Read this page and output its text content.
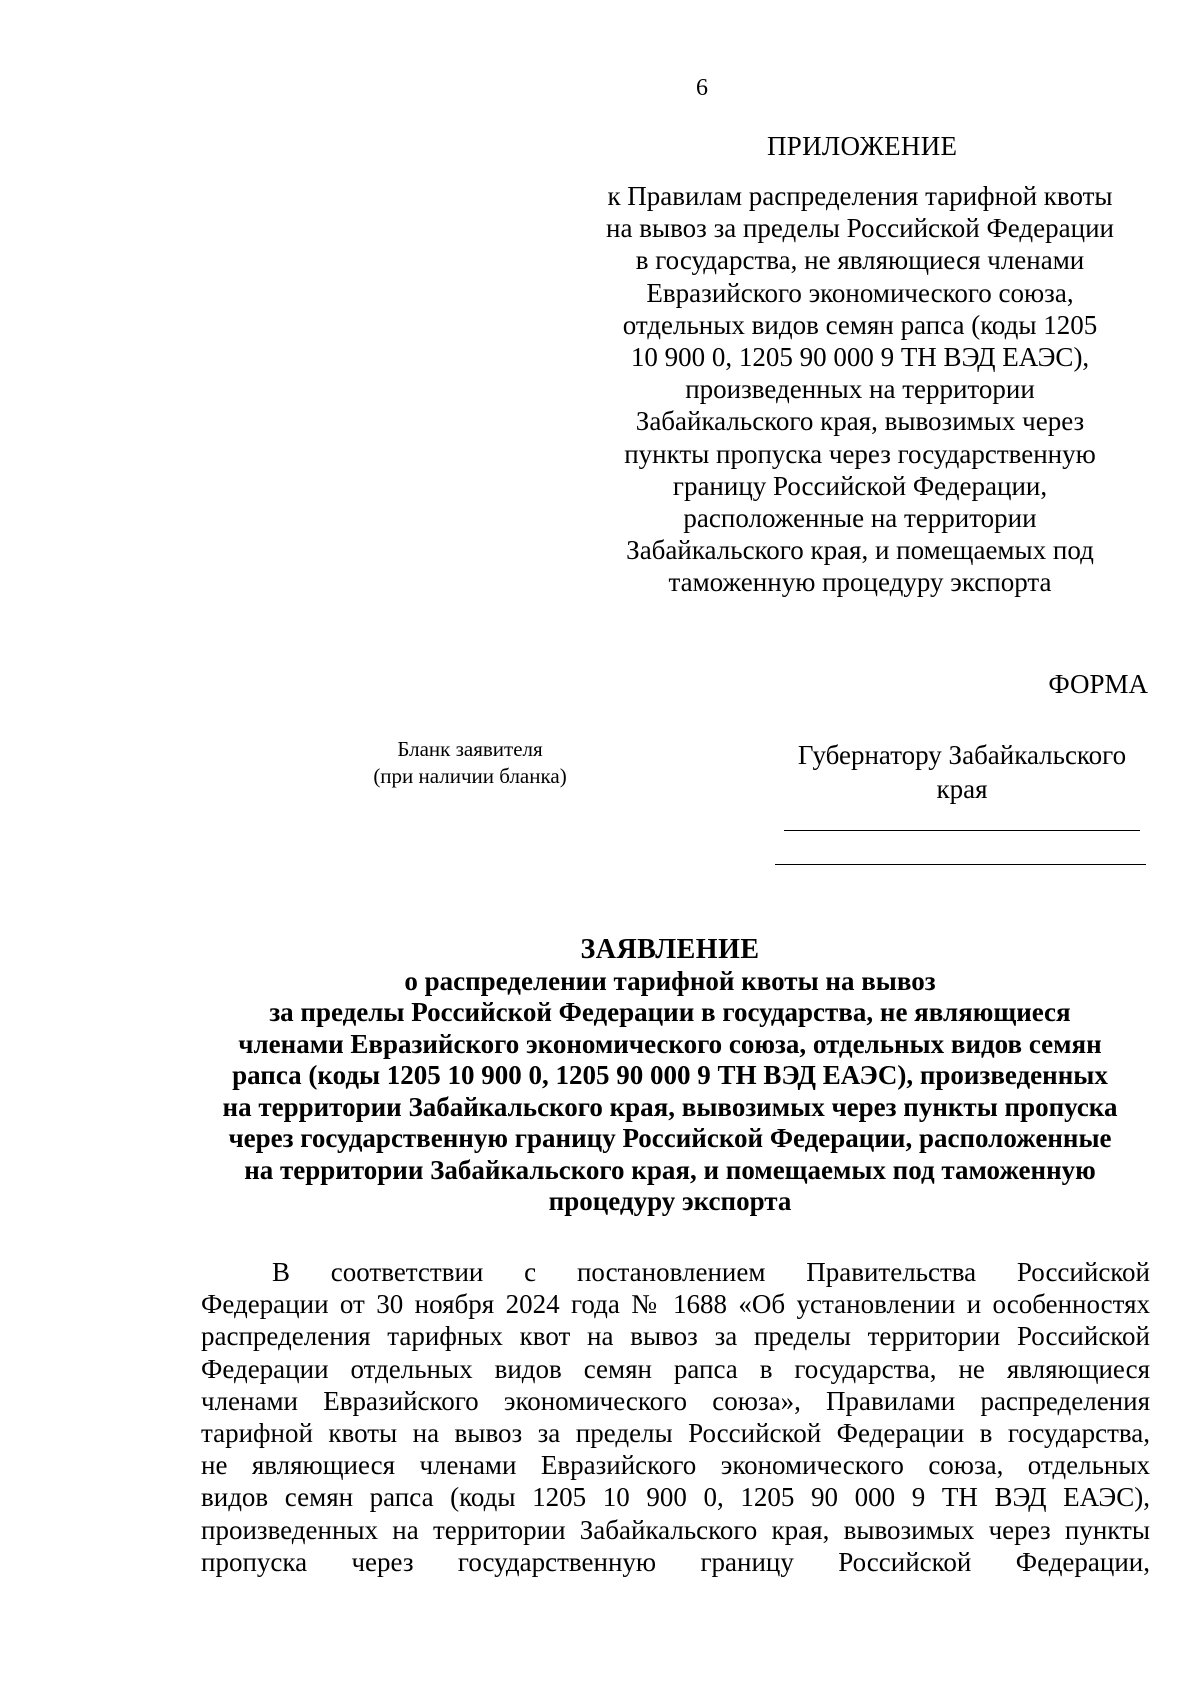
6
ПРИЛОЖЕНИЕ
к Правилам распределения тарифной квоты
на вывоз за пределы Российской Федерации
в государства, не являющиеся членами
Евразийского экономического союза,
отдельных видов семян рапса (коды 1205
10 900 0, 1205 90 000 9 ТН ВЭД ЕАЭС),
произведенных на территории
Забайкальского края, вывозимых через
пункты пропуска через государственную
границу Российской Федерации,
расположенные на территории
Забайкальского края, и помещаемых под
таможенную процедуру экспорта
ФОРМА
Бланк заявителя
(при наличии бланка)
Губернатору Забайкальского
края
ЗАЯВЛЕНИЕ
о распределении тарифной квоты на вывоз
за пределы Российской Федерации в государства, не являющиеся
членами Евразийского экономического союза, отдельных видов семян
рапса (коды 1205 10 900 0, 1205 90 000 9 ТН ВЭД ЕАЭС), произведенных
на территории Забайкальского края, вывозимых через пункты пропуска
через государственную границу Российской Федерации, расположенные
на территории Забайкальского края, и помещаемых под таможенную
процедуру экспорта
В соответствии с постановлением Правительства Российской
Федерации от 30 ноября 2024 года № 1688 «Об установлении и особенностях
распределения тарифных квот на вывоз за пределы территории Российской
Федерации отдельных видов семян рапса в государства, не являющиеся
членами Евразийского экономического союза», Правилами распределения
тарифной квоты на вывоз за пределы Российской Федерации в государства,
не являющиеся членами Евразийского экономического союза, отдельных
видов семян рапса (коды 1205 10 900 0, 1205 90 000 9 ТН ВЭД ЕАЭС),
произведенных на территории Забайкальского края, вывозимых через пункты
пропуска через государственную границу Российской Федерации,
